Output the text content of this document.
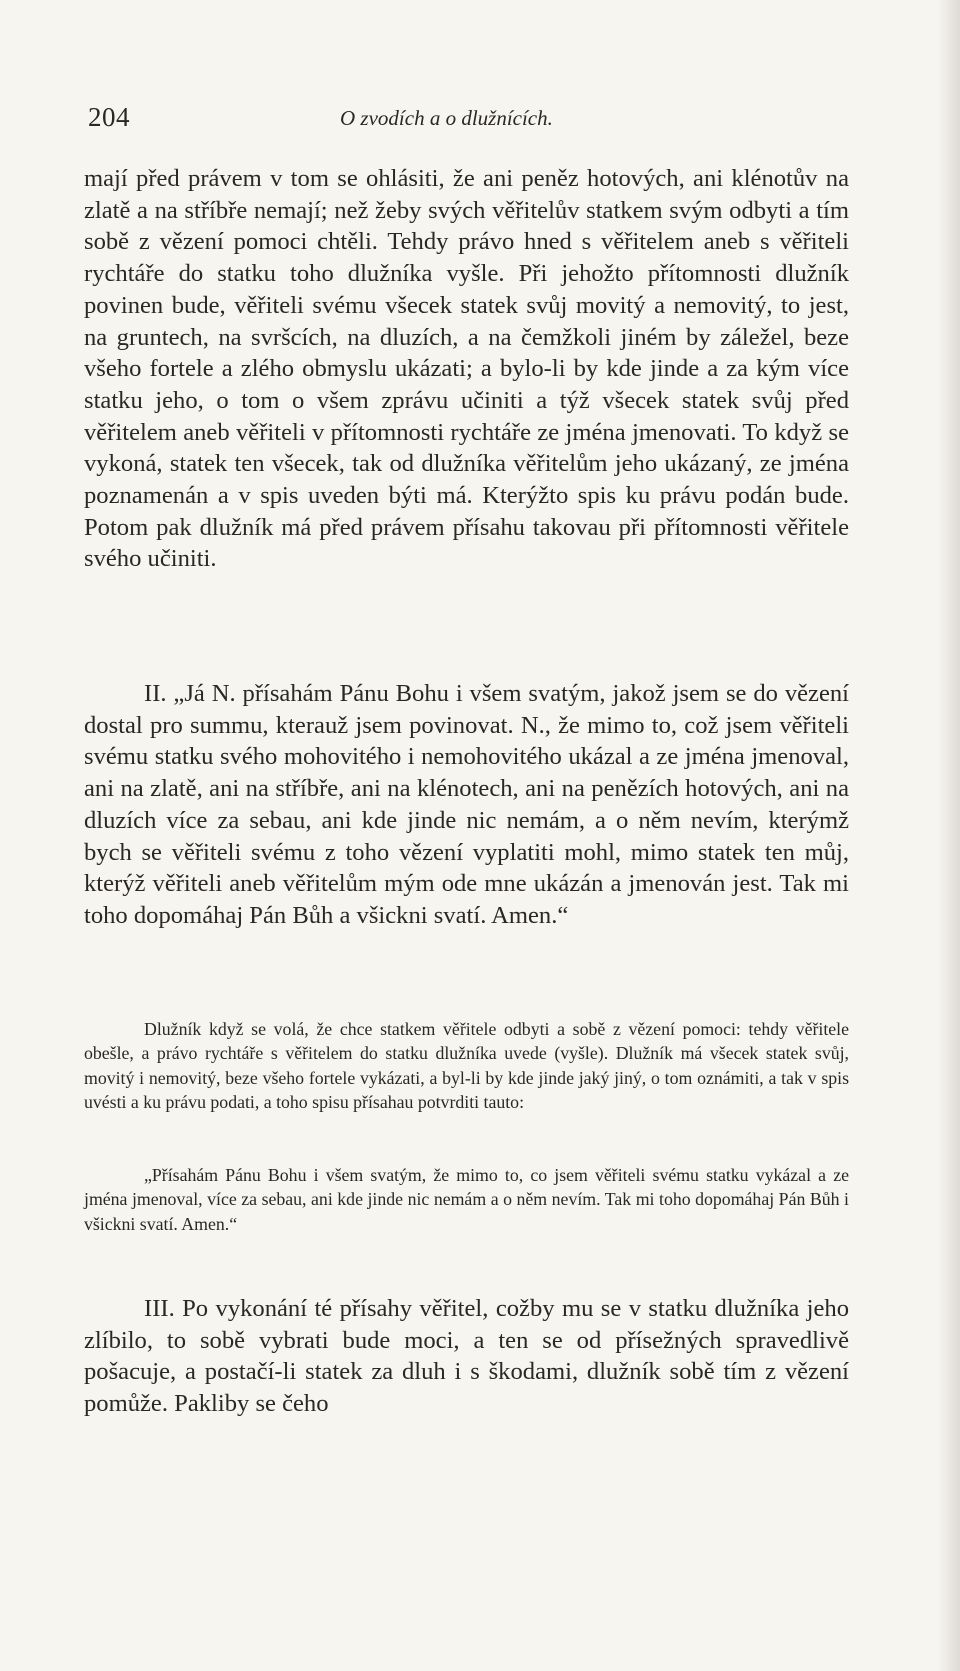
204	O zvodích a o dlužnících.

mají před právem v tom se ohlásiti, že ani peněz hotových, ani klénotův na zlatě a na stříbře nemají; než žeby svých věřitelův statkem svým odbyti a tím sobě z vězení pomoci chtěli. Tehdy právo hned s věřitelem aneb s věřiteli rychtáře do statku toho dlužníka vyšle. Při jehožto přítomnosti dlužník povinen bude, věřiteli svému všecek statek svůj movitý a nemovitý, to jest, na gruntech, na svršcích, na dluzích, a na čemžkoli jiném by záležel, beze všeho fortele a zlého obmyslu ukázati; a bylo-li by kde jinde a za kým více statku jeho, o tom o všem zprávu učiniti a týž všecek statek svůj před věřitelem aneb věřiteli v přítomnosti rychtáře ze jména jmenovati. To když se vykoná, statek ten všecek, tak od dlužníka věřitelům jeho ukázaný, ze jména poznamenán a v spis uveden býti má. Kterýžto spis ku právu podán bude. Potom pak dlužník má před právem přísahu takovau při přítomnosti věřitele svého učiniti.

II. „Já N. přísahám Pánu Bohu i všem svatým, jakož jsem se do vězení dostal pro summu, kterauž jsem povinovat. N., že mimo to, což jsem věřiteli svému statku svého mohovitého i nemohovitého ukázal a ze jména jmenoval, ani na zlatě, ani na stříbře, ani na klénotech, ani na penězích hotových, ani na dluzích více za sebau, ani kde jinde nic nemám, a o něm nevím, kterýmž bych se věřiteli svému z toho vězení vyplatiti mohl, mimo statek ten můj, kterýž věřiteli aneb věřitelům mým ode mne ukázán a jmenován jest. Tak mi toho dopomáhaj Pán Bůh a všickni svatí. Amen.“

Dlužník když se volá, že chce statkem věřitele odbyti a sobě z vězení pomoci: tehdy věřitele obešle, a právo rychtáře s věřitelem do statku dlužníka uvede (vyšle). Dlužník má všecek statek svůj, movitý i nemovitý, beze všeho fortele vykázati, a byl-li by kde jinde jaký jiný, o tom oznámiti, a tak v spis uvésti a ku právu podati, a toho spisu přísahau potvrditi tauto:

„Přísahám Pánu Bohu i všem svatým, že mimo to, co jsem věřiteli svému statku vykázal a ze jména jmenoval, více za sebau, ani kde jinde nic nemám a o něm nevím. Tak mi toho dopomáhaj Pán Bůh i všickni svatí. Amen.“

III. Po vykonání té přísahy věřitel, cožby mu se v statku dlužníka jeho zlíbilo, to sobě vybrati bude moci, a ten se od přísežných spravedlivě pošacuje, a postačí-li statek za dluh i s škodami, dlužník sobě tím z vězení pomůže. Pakliby se čeho
